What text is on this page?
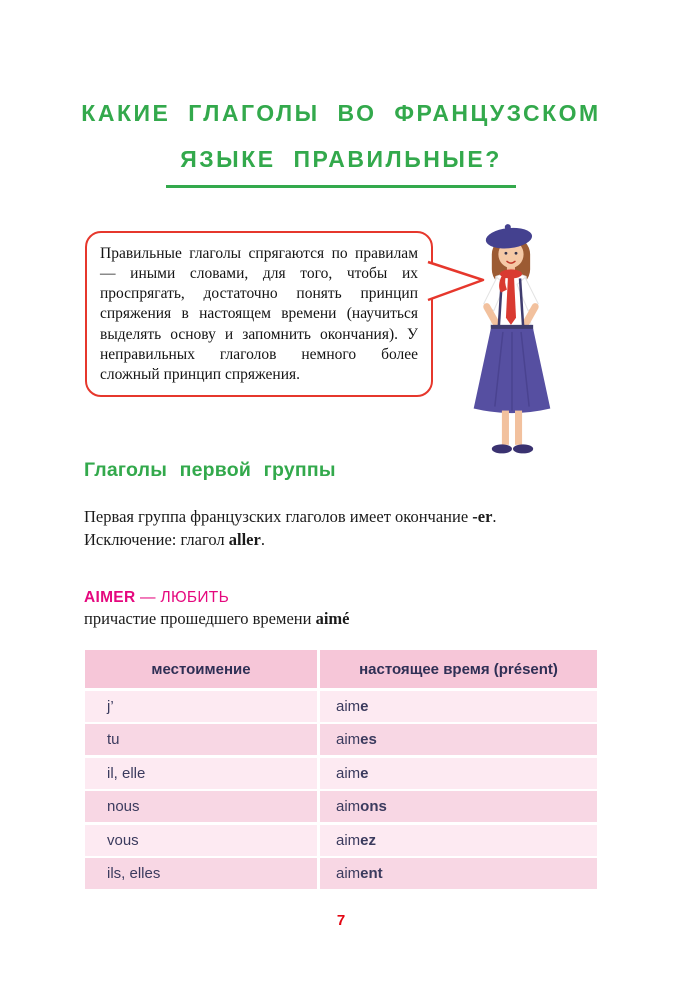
КАКИЕ ГЛАГОЛЫ ВО ФРАНЦУЗСКОМ
ЯЗЫКЕ ПРАВИЛЬНЫЕ?
Правильные глаголы спрягаются по правилам — иными словами, для того, чтобы их проспрягать, достаточно понять принцип спряжения в настоящем времени (научиться выделять основу и запомнить окончания). У неправильных глаголов немного более сложный принцип спряжения.
Глаголы первой группы
Первая группа французских глаголов имеет окончание -er.
Исключение: глагол aller.
AIMER — ЛЮБИТЬ
причастие прошедшего времени aimé
местоимение	настоящее время (présent)
j’	aim e
tu	aim es
il, elle	aim e
nous	aim ons
vous	aim ez
ils, elles	aim ent
7
